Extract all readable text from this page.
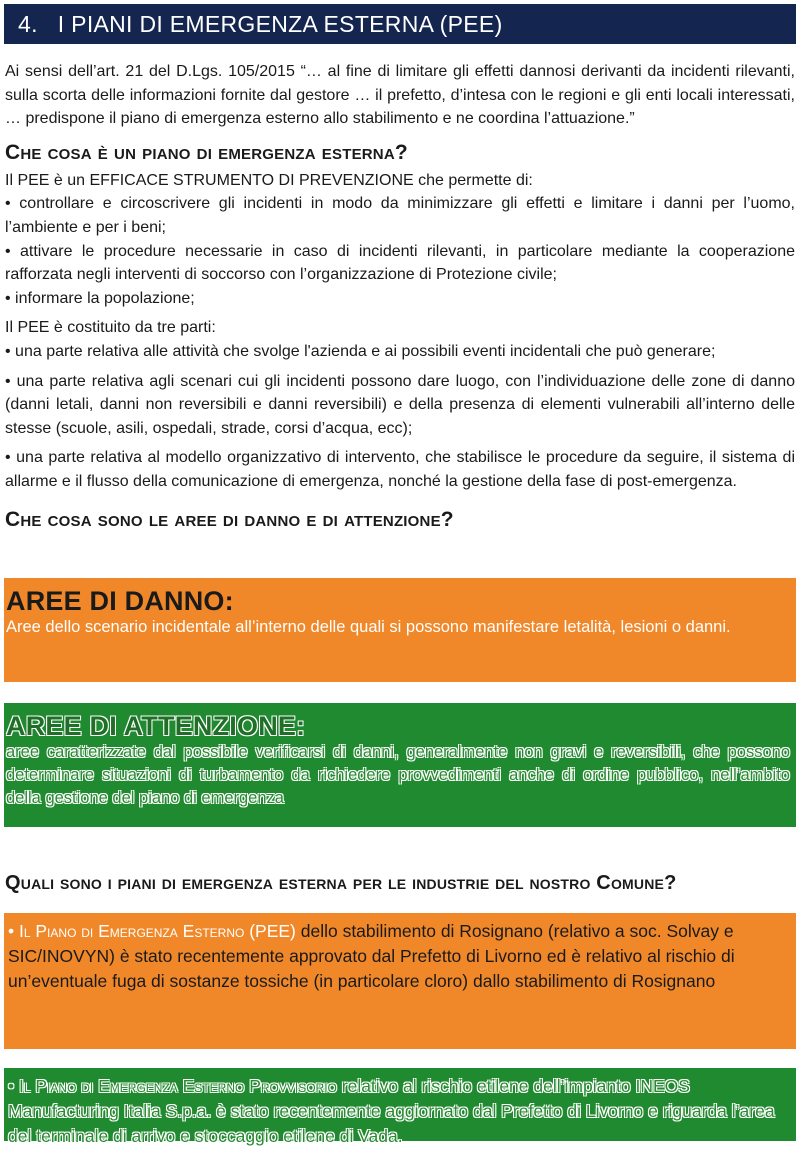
4. I PIANI DI EMERGENZA ESTERNA (PEE)

Ai sensi dell’art. 21 del D.Lgs. 105/2015 “… al fine di limitare gli effetti dannosi derivanti da incidenti rilevanti, sulla scorta delle informazioni fornite dal gestore … il prefetto, d’intesa con le regioni e gli enti locali interessati, … predispone il piano di emergenza esterno allo stabilimento e ne coordina l’attuazione.”

Che cosa è un piano di emergenza esterna?

Il PEE è un EFFICACE STRUMENTO DI PREVENZIONE che permette di:

• controllare e circoscrivere gli incidenti in modo da minimizzare gli effetti e limitare i danni per l’uomo, l’ambiente e per i beni;

• attivare le procedure necessarie in caso di incidenti rilevanti, in particolare mediante la cooperazione rafforzata negli interventi di soccorso con l’organizzazione di Protezione civile;

• informare la popolazione;

Il PEE è costituito da tre parti:

• una parte relativa alle attività che svolge l'azienda e ai possibili eventi incidentali che può generare;

• una parte relativa agli scenari cui gli incidenti possono dare luogo, con l’individuazione delle zone di danno (danni letali, danni non reversibili e danni reversibili) e della presenza di elementi vulnerabili all’interno delle stesse (scuole, asili, ospedali, strade, corsi d’acqua, ecc);

• una parte relativa al modello organizzativo di intervento, che stabilisce le procedure da seguire, il sistema di allarme e il flusso della comunicazione di emergenza, nonché la gestione della fase di post-emergenza.

Che cosa sono le aree di danno e di attenzione?
AREE DI DANNO:
Aree dello scenario incidentale all’interno delle quali si possono manifestare letalità, lesioni o danni.
AREE DI ATTENZIONE:
aree caratterizzate dal possibile verificarsi di danni, generalmente non gravi e reversibili, che possono determinare situazioni di turbamento da richiedere provvedimenti anche di ordine pubblico, nell’ambito della gestione del piano di emergenza
Quali sono i piani di emergenza esterna per le industrie del nostro Comune?
• Il Piano di Emergenza Esterno (PEE) dello stabilimento di Rosignano (relativo a soc. Solvay e SIC/INOVYN) è stato recentemente approvato dal Prefetto di Livorno ed è relativo al rischio di un’eventuale fuga di sostanze tossiche (in particolare cloro) dallo stabilimento di Rosignano
• Il Piano di Emergenza Esterno Provvisorio relativo al rischio etilene dell’impianto INEOS Manufacturing Italia S.p.a. è stato recentemente aggiornato dal Prefetto di Livorno e riguarda l’area del terminale di arrivo e stoccaggio etilene di Vada.
